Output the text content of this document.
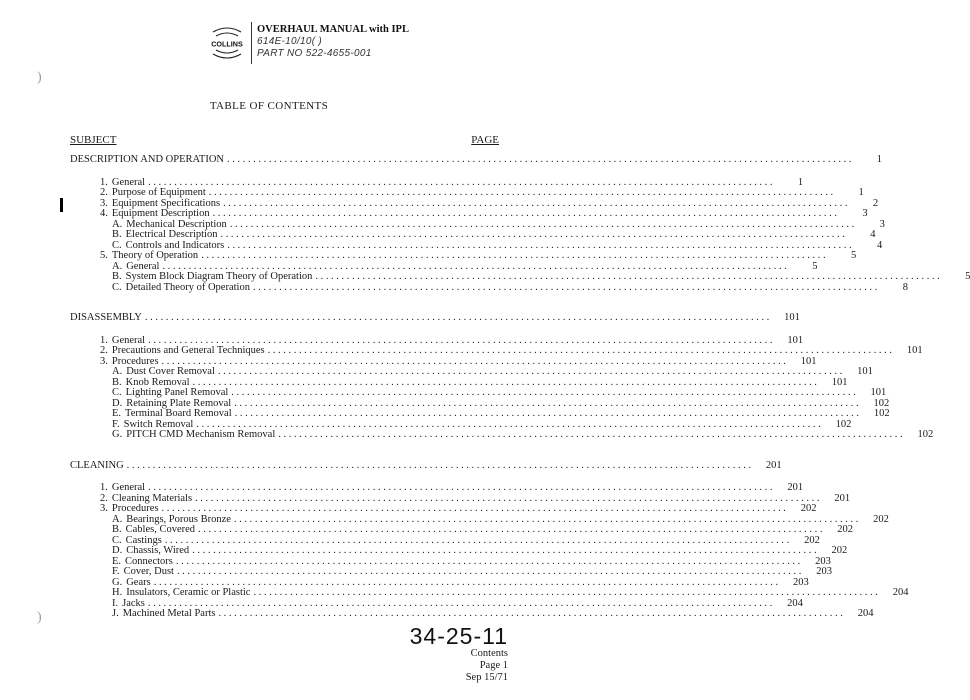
COLLINS
OVERHAUL MANUAL with IPL
614E-10/10( )
PART NO 522-4655-001
)
)
TABLE OF CONTENTS
SUBJECT	PAGE
DESCRIPTION AND OPERATION ........................................................................................................................	1
1. General ........................................................................................................................	1
2. Purpose of Equipment ........................................................................................................................	1
3. Equipment Specifications ........................................................................................................................	2
4. Equipment Description ........................................................................................................................	3
A. Mechanical Description ........................................................................................................................	3
B. Electrical Description ........................................................................................................................	4
C. Controls and Indicators ........................................................................................................................	4
5. Theory of Operation ........................................................................................................................	5
A. General ........................................................................................................................	5
B. System Block Diagram Theory of Operation ........................................................................................................................	5
C. Detailed Theory of Operation ........................................................................................................................	8
DISASSEMBLY ........................................................................................................................	101
1. General ........................................................................................................................	101
2. Precautions and General Techniques ........................................................................................................................	101
3. Procedures ........................................................................................................................	101
A. Dust Cover Removal ........................................................................................................................	101
B. Knob Removal ........................................................................................................................	101
C. Lighting Panel Removal ........................................................................................................................	101
D. Retaining Plate Removal ........................................................................................................................	102
E. Terminal Board Removal ........................................................................................................................	102
F. Switch Removal ........................................................................................................................	102
G. PITCH CMD Mechanism Removal ........................................................................................................................	102
CLEANING ........................................................................................................................	201
1. General ........................................................................................................................	201
2. Cleaning Materials ........................................................................................................................	201
3. Procedures ........................................................................................................................	202
A. Bearings, Porous Bronze ........................................................................................................................	202
B. Cables, Covered ........................................................................................................................	202
C. Castings ........................................................................................................................	202
D. Chassis, Wired ........................................................................................................................	202
E. Connectors ........................................................................................................................	203
F. Cover, Dust ........................................................................................................................	203
G. Gears ........................................................................................................................	203
H. Insulators, Ceramic or Plastic ........................................................................................................................	204
I. Jacks ........................................................................................................................	204
J. Machined Metal Parts ........................................................................................................................	204
34-25-11
Contents
Page 1
Sep 15/71
